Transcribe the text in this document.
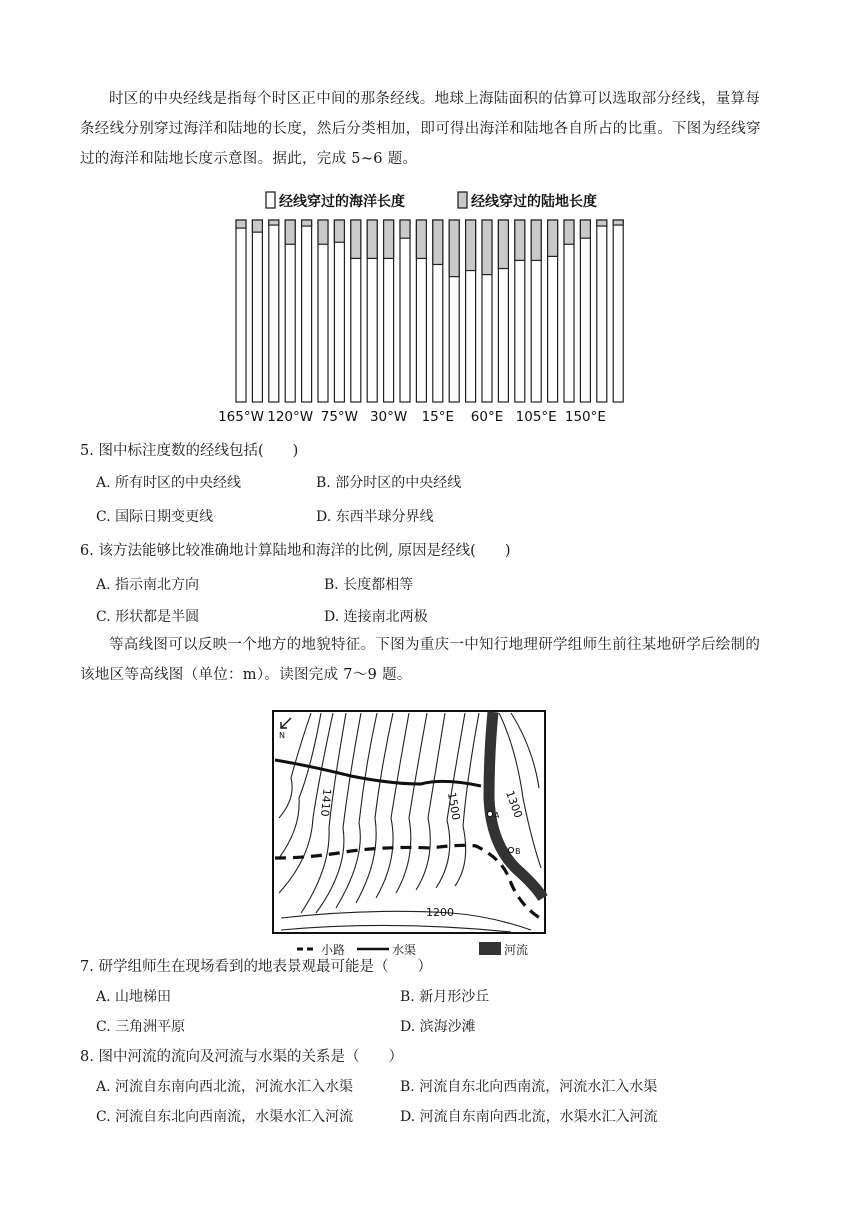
时区的中央经线是指每个时区正中间的那条经线。地球上海陆面积的估算可以选取部分经线，量算每
条经线分别穿过海洋和陆地的长度，然后分类相加，即可得出海洋和陆地各自所占的比重。下图为经线穿
过的海洋和陆地长度示意图。据此，完成 5~6 题。
经线穿过的海洋长度	经线穿过的陆地长度
165°W 120°W 75°W 30°W 15°E 60°E 105°E 150°E
5. 图中标注度数的经线包括(　　)
A. 所有时区的中央经线	B. 部分时区的中央经线
C. 国际日期变更线	D. 东西半球分界线
6. 该方法能够比较准确地计算陆地和海洋的比例, 原因是经线(　　)
A. 指示南北方向	B. 长度都相等
C. 形状都是半圆	D. 连接南北两极
等高线图可以反映一个地方的地貌特征。下图为重庆一中知行地理研学组师生前往某地研学后绘制的
该地区等高线图（单位：m）。读图完成 7～9 题。
N
1410	1500	1300
1200
A
B
小路	水渠	河流
7. 研学组师生在现场看到的地表景观最可能是（　　）
A. 山地梯田	B. 新月形沙丘
C. 三角洲平原	D. 滨海沙滩
8. 图中河流的流向及河流与水渠的关系是（　　）
A. 河流自东南向西北流，河流水汇入水渠	B. 河流自东北向西南流，河流水汇入水渠
C. 河流自东北向西南流，水渠水汇入河流	D. 河流自东南向西北流，水渠水汇入河流
